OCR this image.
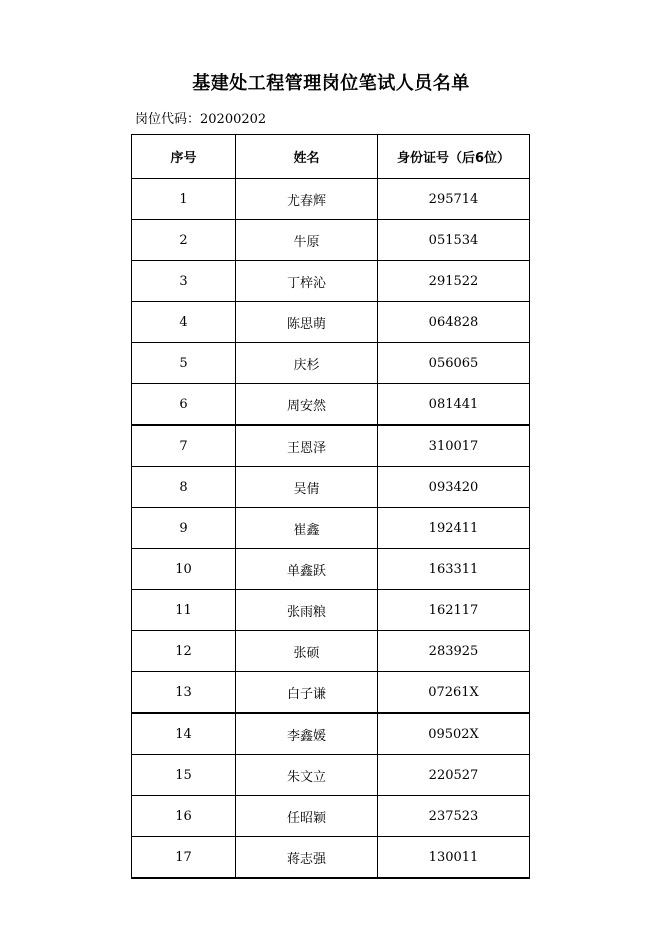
基建处工程管理岗位笔试人员名单
岗位代码：20200202
序号	姓名	身份证号（后6位）
1	尤春辉	295714
2	牛原	051534
3	丁梓沁	291522
4	陈思萌	064828
5	庆杉	056065
6	周安然	081441
7	王恩泽	310017
8	吴倩	093420
9	崔鑫	192411
10	单鑫跃	163311
11	张雨粮	162117
12	张硕	283925
13	白子谦	07261X
14	李鑫媛	09502X
15	朱文立	220527
16	任昭颖	237523
17	蒋志强	130011
